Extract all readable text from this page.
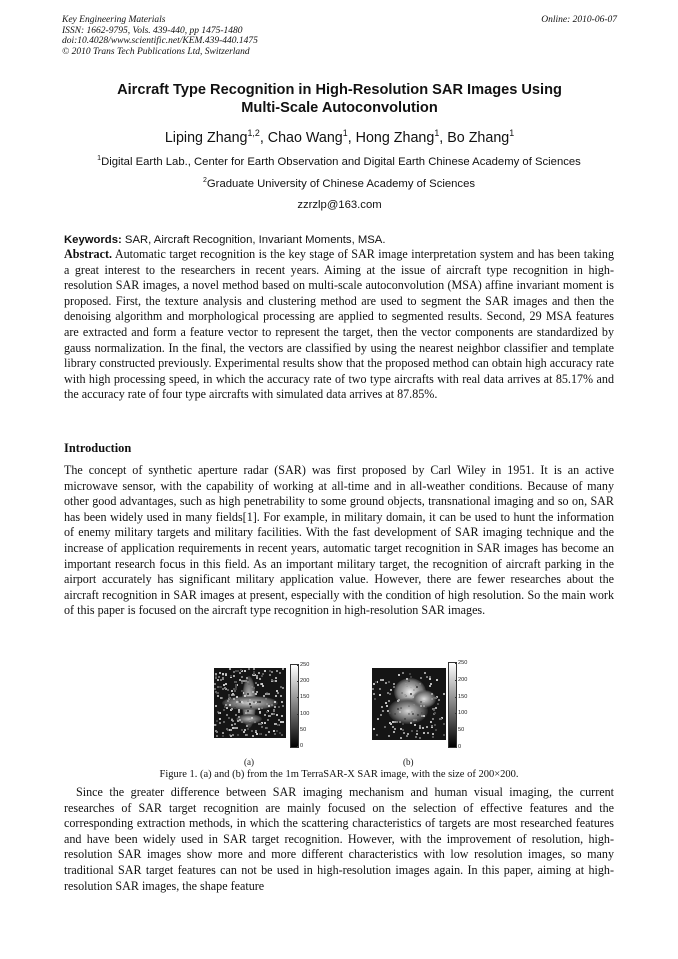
Key Engineering Materials
ISSN: 1662-9795, Vols. 439-440, pp 1475-1480
doi:10.4028/www.scientific.net/KEM.439-440.1475
© 2010 Trans Tech Publications Ltd, Switzerland
Online: 2010-06-07
Aircraft Type Recognition in High-Resolution SAR Images Using
Multi-Scale Autoconvolution
Liping Zhang$^{1,2}$, Chao Wang$^1$, Hong Zhang$^1$, Bo Zhang$^1$
$^1$Digital Earth Lab., Center for Earth Observation and Digital Earth Chinese Academy of Sciences
$^2$Graduate University of Chinese Academy of Sciences
zzrzlp@163.com
Keywords: SAR, Aircraft Recognition, Invariant Moments, MSA.

Abstract. Automatic target recognition is the key stage of SAR image interpretation system and has been taking a great interest to the researchers in recent years. Aiming at the issue of aircraft type recognition in high-resolution SAR images, a novel method based on multi-scale autoconvolution (MSA) affine invariant moment is proposed. First, the texture analysis and clustering method are used to segment the SAR images and then the denoising algorithm and morphological processing are applied to segmented results. Second, 29 MSA features are extracted and form a feature vector to represent the target, then the vector components are standardized by gauss normalization. In the final, the vectors are classified by using the nearest neighbor classifier and template library constructed previously. Experimental results show that the proposed method can obtain high accuracy rate with high processing speed, in which the accuracy rate of two type aircrafts with real data arrives at 85.17% and the accuracy rate of four type aircrafts with simulated data arrives at 87.85%.

Introduction

The concept of synthetic aperture radar (SAR) was first proposed by Carl Wiley in 1951. It is an active microwave sensor, with the capability of working at all-time and in all-weather conditions. Because of many other good advantages, such as high penetrability to some ground objects, transnational imaging and so on, SAR has been widely used in many fields[1]. For example, in military domain, it can be used to hunt the information of enemy military targets and military facilities. With the fast development of SAR imaging technique and the increase of application requirements in recent years, automatic target recognition in SAR images has become an important research focus in this field. As an important military target, the recognition of aircraft parking in the airport accurately has significant military application value. However, there are fewer researches about the aircraft recognition in SAR images at present, especially with the condition of high resolution. So the main work of this paper is focused on the aircraft type recognition in high-resolution SAR images.

250
200
150
100
50
0
250
200
150
100
50
0
(a)	(b)
Figure 1. (a) and (b) from the 1m TerraSAR-X SAR image, with the size of 200×200.

Since the greater difference between SAR imaging mechanism and human visual imaging, the current researches of SAR target recognition are mainly focused on the selection of effective features and the corresponding extraction methods, in which the scattering characteristics of targets are most researched features and have been widely used in SAR target recognition. However, with the improvement of resolution, high-resolution SAR images show more and more different characteristics with low resolution images, so many traditional SAR target features can not be used in high-resolution images again. In this paper, aiming at high-resolution SAR images, the shape feature
